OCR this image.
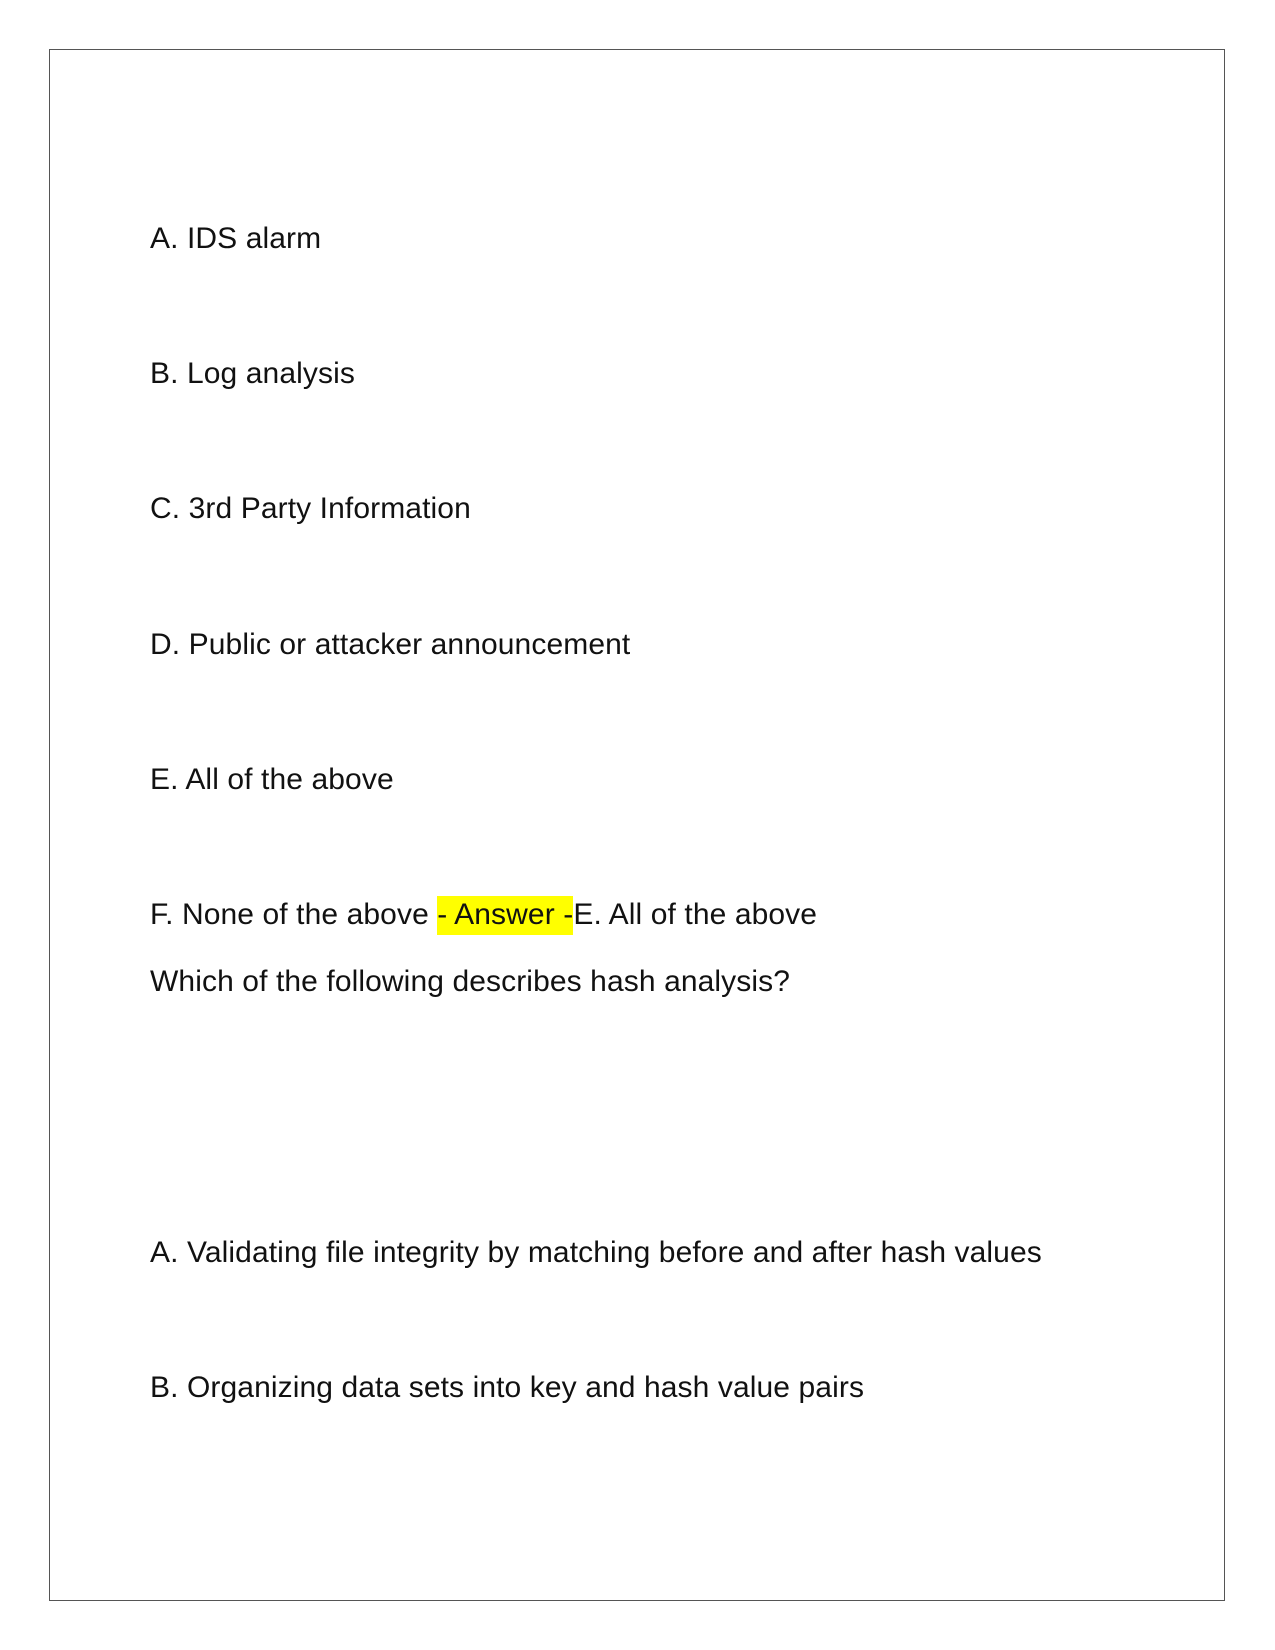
A. IDS alarm
B. Log analysis
C. 3rd Party Information
D. Public or attacker announcement
E. All of the above
F. None of the above - Answer -E. All of the above
Which of the following describes hash analysis?
A. Validating file integrity by matching before and after hash values
B. Organizing data sets into key and hash value pairs
